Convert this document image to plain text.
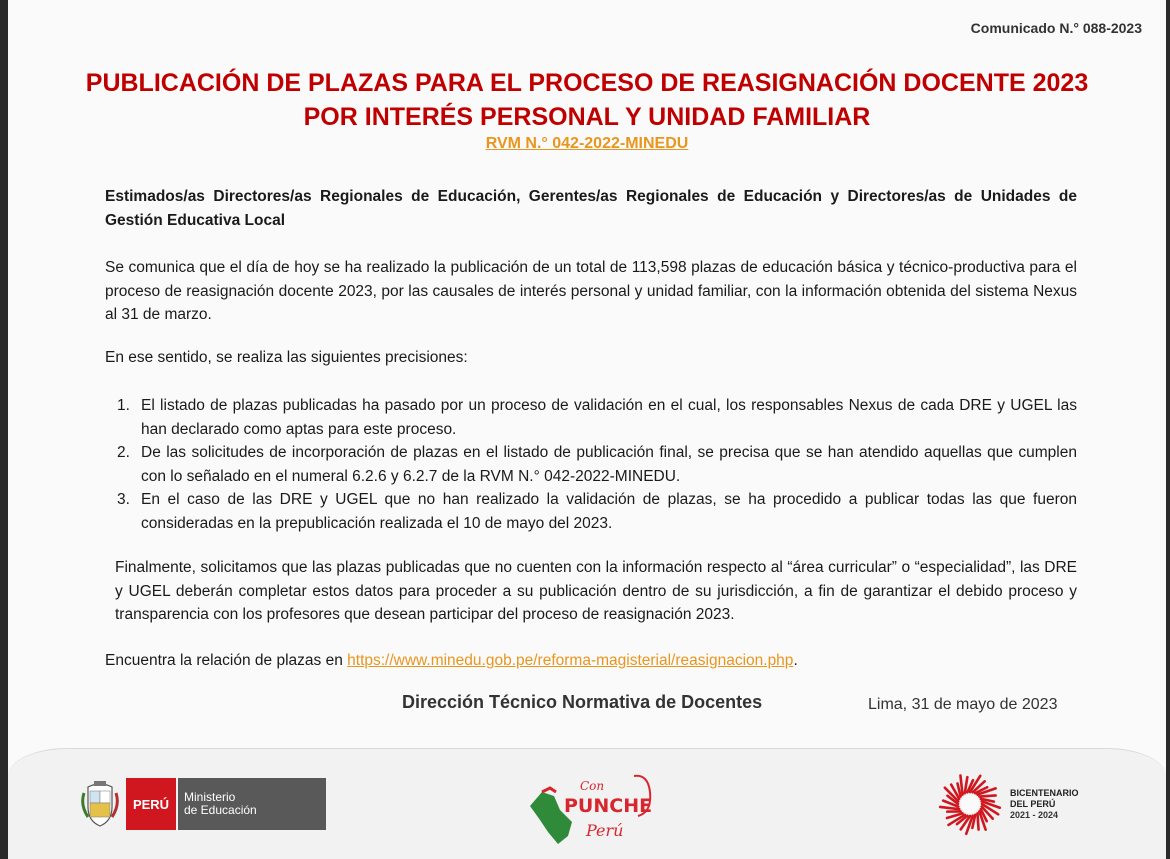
Comunicado N.° 088-2023
PUBLICACIÓN DE PLAZAS PARA EL PROCESO DE REASIGNACIÓN DOCENTE 2023
POR INTERÉS PERSONAL Y UNIDAD FAMILIAR
RVM N.° 042-2022-MINEDU
Estimados/as Directores/as Regionales de Educación, Gerentes/as Regionales de Educación y Directores/as de Unidades de Gestión Educativa Local
Se comunica que el día de hoy se ha realizado la publicación de un total de 113,598 plazas de educación básica y técnico-productiva para el proceso de reasignación docente 2023, por las causales de interés personal y unidad familiar, con la información obtenida del sistema Nexus al 31 de marzo.
En ese sentido, se realiza las siguientes precisiones:
1. El listado de plazas publicadas ha pasado por un proceso de validación en el cual, los responsables Nexus de cada DRE y UGEL las han declarado como aptas para este proceso.
2. De las solicitudes de incorporación de plazas en el listado de publicación final, se precisa que se han atendido aquellas que cumplen con lo señalado en el numeral 6.2.6 y 6.2.7 de la RVM N.° 042-2022-MINEDU.
3. En el caso de las DRE y UGEL que no han realizado la validación de plazas, se ha procedido a publicar todas las que fueron consideradas en la prepublicación realizada el 10 de mayo del 2023.
Finalmente, solicitamos que las plazas publicadas que no cuenten con la información respecto al “área curricular” o “especialidad”, las DRE y UGEL deberán completar estos datos para proceder a su publicación dentro de su jurisdicción, a fin de garantizar el debido proceso y transparencia con los profesores que desean participar del proceso de reasignación 2023.
Encuentra la relación de plazas en https://www.minedu.gob.pe/reforma-magisterial/reasignacion.php.
Dirección Técnico Normativa de Docentes	Lima, 31 de mayo de 2023
PERÚ Ministerio
de Educación
Con
PUNCHE
Perú
BICENTENARIO
DEL PERÚ
2021 - 2024
